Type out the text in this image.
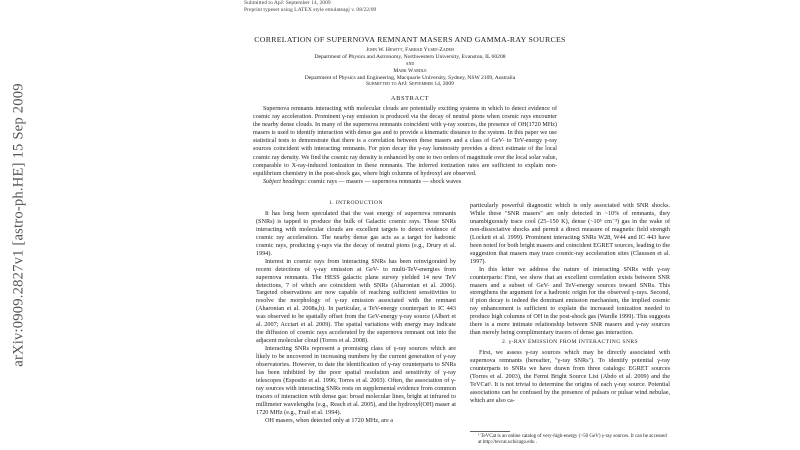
Submitted to ApJ: September 14, 2009
Preprint typeset using LATEX style emulateapj v. 08/22/09
arXiv:0909.2827v1 [astro-ph.HE] 15 Sep 2009
CORRELATION OF SUPERNOVA REMNANT MASERS AND GAMMA-RAY SOURCES
John W. Hewitt, Farhad Yusef-Zadeh
Department of Physics and Astronomy, Northwestern University, Evanston, IL 60208
and
Mark Wardle
Department of Physics and Engineering, Macquarie University, Sydney, NSW 2109, Australia
Submitted to ApJ: September 14, 2009
ABSTRACT

Supernova remnants interacting with molecular clouds are potentially exciting systems in which to detect evidence of cosmic ray acceleration. Prominent γ-ray emission is produced via the decay of neutral pions when cosmic rays encounter the nearby dense clouds. In many of the supernova remnants coincident with γ-ray sources, the presence of OH(1720 MHz) masers is used to identify interaction with dense gas and to provide a kinematic distance to the system. In this paper we use statistical tests to demonstrate that there is a correlation between these masers and a class of GeV- to TeV-energy γ-ray sources coincident with interacting remnants. For pion decay the γ-ray luminosity provides a direct estimate of the local cosmic ray density. We find the cosmic ray density is enhanced by one to two orders of magnitude over the local solar value, comparable to X-ray-induced ionization in these remnants. The inferred ionization rates are sufficient to explain non-equilibrium chemistry in the post-shock gas, where high columns of hydroxyl are observed.

Subject headings: cosmic rays — masers — supernova remnants — shock waves

1. INTRODUCTION

It has long been speculated that the vast energy of supernova remnants (SNRs) is tapped to produce the bulk of Galactic cosmic rays. Those SNRs interacting with molecular clouds are excellent targets to detect evidence of cosmic ray acceleration. The nearby dense gas acts as a target for hadronic cosmic rays, producing γ-rays via the decay of neutral pions (e.g., Drury et al. 1994).

Interest in cosmic rays from interacting SNRs has been reinvigorated by recent detections of γ-ray emission at GeV- to multi-TeV-energies from supernova remnants. The HESS galactic plane survey yielded 14 new TeV detections, 7 of which are coincident with SNRs (Aharonian et al. 2006). Targeted observations are now capable of reaching sufficient sensitivities to resolve the morphology of γ-ray emission associated with the remnant (Aharonian et al. 2008a,b). In particular, a TeV-energy counterpart to IC 443 was observed to be spatially offset from the GeV-energy γ-ray source (Albert et al. 2007; Acciari et al. 2009). The spatial variations with energy may indicate the diffusion of cosmic rays accelerated by the supernova remnant out into the adjacent molecular cloud (Torres et al. 2008).

Interacting SNRs represent a promising class of γ-ray sources which are likely to be uncovered in increasing numbers by the current generation of γ-ray observatories. However, to date the identification of γ-ray counterparts to SNRs has been inhibited by the poor spatial resolution and sensitivity of γ-ray telescopes (Esposito et al. 1996; Torres et al. 2003). Often, the association of γ-ray sources with interacting SNRs rests on supplemental evidence from common tracers of interaction with dense gas: broad molecular lines, bright at infrared to millimeter wavelengths (e.g., Reach et al. 2005), and the hydroxyl(OH) maser at 1720 MHz (e.g., Frail et al. 1994).

OH masers, when detected only at 1720 MHz, are a

particularly powerful diagnostic which is only associated with SNR shocks. While these "SNR masers" are only detected in ~10% of remnants, they unambiguously trace cool (25–150 K), dense (~10⁵ cm⁻³) gas in the wake of non-dissociative shocks and permit a direct measure of magnetic field strength (Lockett et al. 1999). Prominent interacting SNRs W28, W44 and IC 443 have been noted for both bright masers and coincident EGRET sources, leading to the suggestion that masers may trace cosmic-ray acceleration sites (Claussen et al. 1997).

In this letter we address the nature of interacting SNRs with γ-ray counterparts: First, we show that an excellent correlation exists between SNR masers and a subset of GeV- and TeV-energy sources toward SNRs. This strengthens the argument for a hadronic origin for the observed γ-rays. Second, if pion decay is indeed the dominant emission mechanism, the implied cosmic ray enhancement is sufficient to explain the increased ionization needed to produce high columns of OH in the post-shock gas (Wardle 1999). This suggests there is a more intimate relationship between SNR masers and γ-ray sources than merely being complimentary tracers of dense gas interaction.

2. γ-RAY EMISSION FROM INTERACTING SNRS

First, we assess γ-ray sources which may be directly associated with supernova remnants (hereafter, "γ-ray SNRs"). To identify potential γ-ray counterparts to SNRs we have drawn from three catalogs: EGRET sources (Torres et al. 2003), the Fermi Bright Source List (Abdo et al. 2009) and the TeVCat¹. It is not trivial to determine the origins of each γ-ray source. Potential associations can be confused by the presence of pulsars or pulsar wind nebulae, which are also ca-

¹ TeVCat is an online catalog of very-high-energy (>50 GeV) γ-ray sources. It can be accessed at http://tevcat.uchicago.edu .
